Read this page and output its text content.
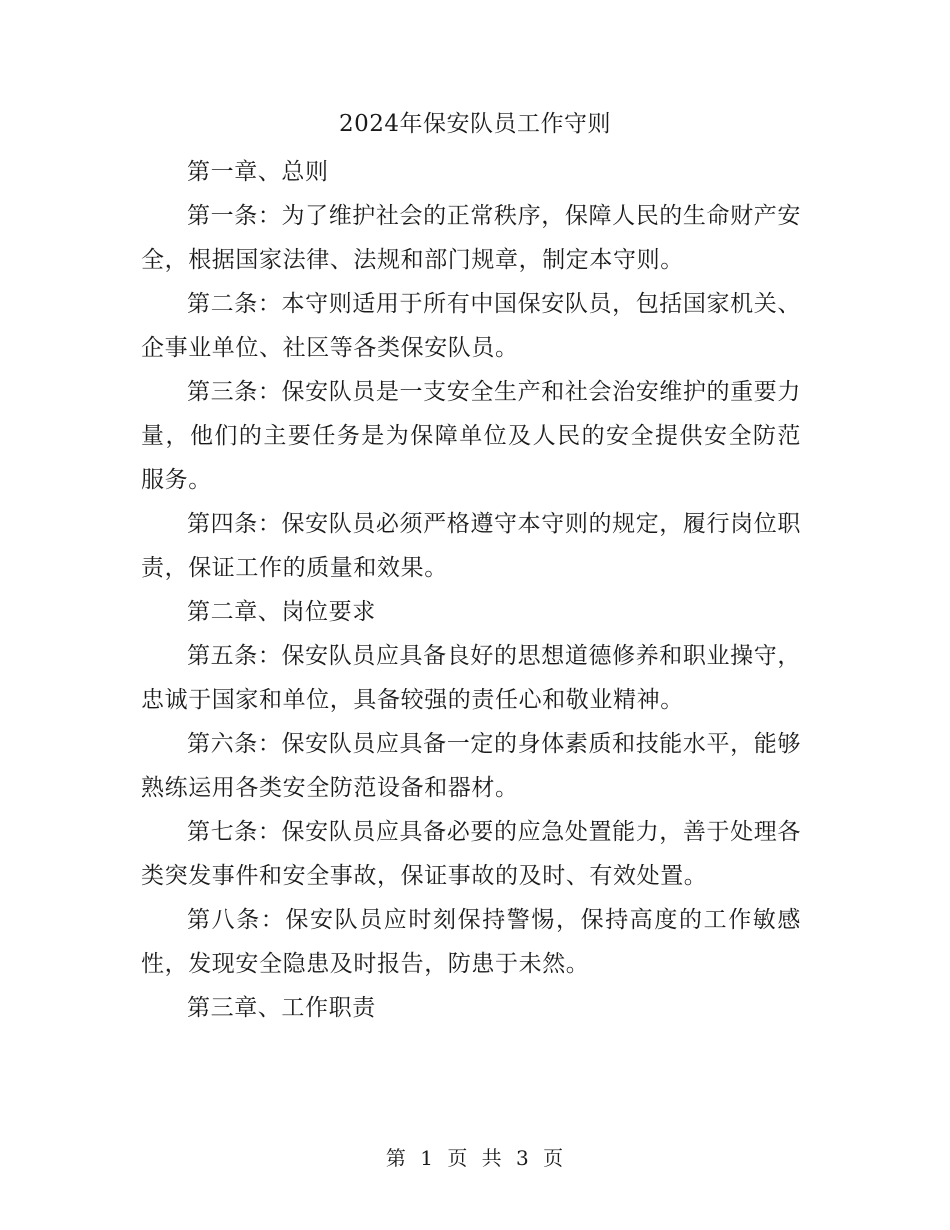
2024年保安队员工作守则

第一章、总则

第一条：为了维护社会的正常秩序，保障人民的生命财产安全，根据国家法律、法规和部门规章，制定本守则。

第二条：本守则适用于所有中国保安队员，包括国家机关、企事业单位、社区等各类保安队员。

第三条：保安队员是一支安全生产和社会治安维护的重要力量，他们的主要任务是为保障单位及人民的安全提供安全防范服务。

第四条：保安队员必须严格遵守本守则的规定，履行岗位职责，保证工作的质量和效果。

第二章、岗位要求

第五条：保安队员应具备良好的思想道德修养和职业操守，忠诚于国家和单位，具备较强的责任心和敬业精神。

第六条：保安队员应具备一定的身体素质和技能水平，能够熟练运用各类安全防范设备和器材。

第七条：保安队员应具备必要的应急处置能力，善于处理各类突发事件和安全事故，保证事故的及时、有效处置。

第八条：保安队员应时刻保持警惕，保持高度的工作敏感性，发现安全隐患及时报告，防患于未然。

第三章、工作职责

第 1 页 共 3 页
